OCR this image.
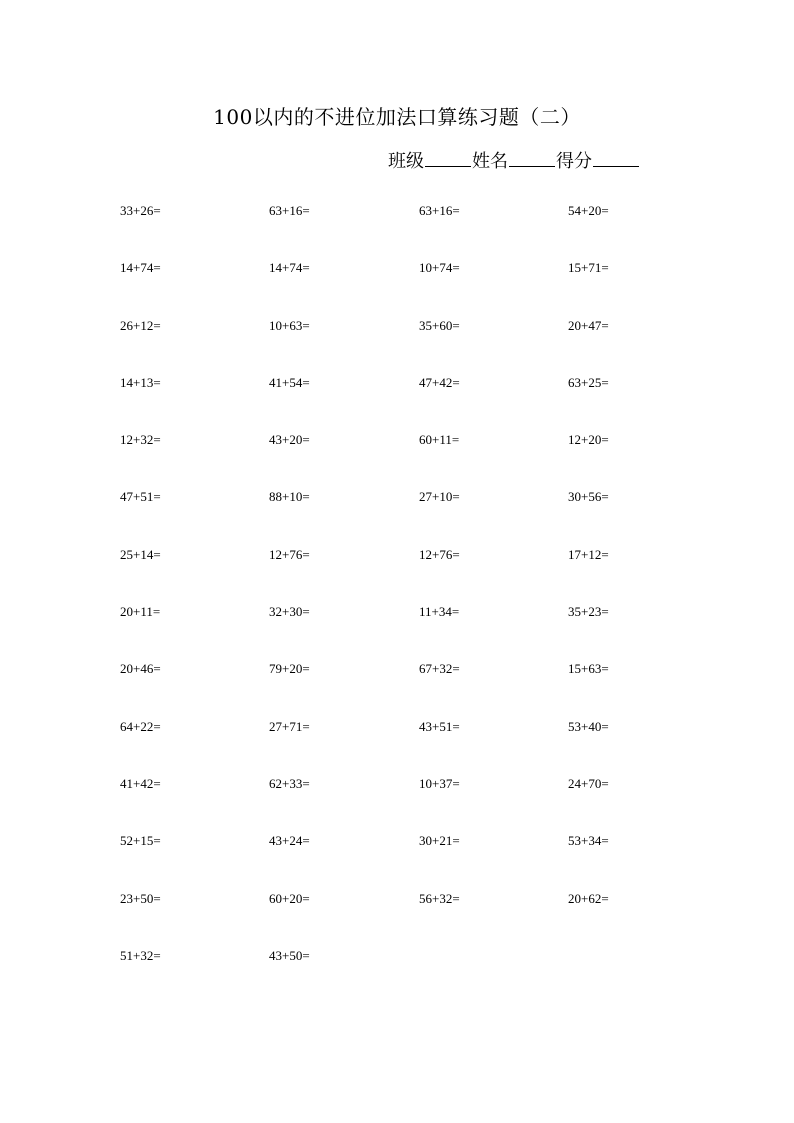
100以内的不进位加法口算练习题（二）
班级	姓名	得分
33+26=	63+16=	63+16=	54+20=
14+74=	14+74=	10+74=	15+71=
26+12=	10+63=	35+60=	20+47=
14+13=	41+54=	47+42=	63+25=
12+32=	43+20=	60+11=	12+20=
47+51=	88+10=	27+10=	30+56=
25+14=	12+76=	12+76=	17+12=
20+11=	32+30=	11+34=	35+23=
20+46=	79+20=	67+32=	15+63=
64+22=	27+71=	43+51=	53+40=
41+42=	62+33=	10+37=	24+70=
52+15=	43+24=	30+21=	53+34=
23+50=	60+20=	56+32=	20+62=
51+32=	43+50=
